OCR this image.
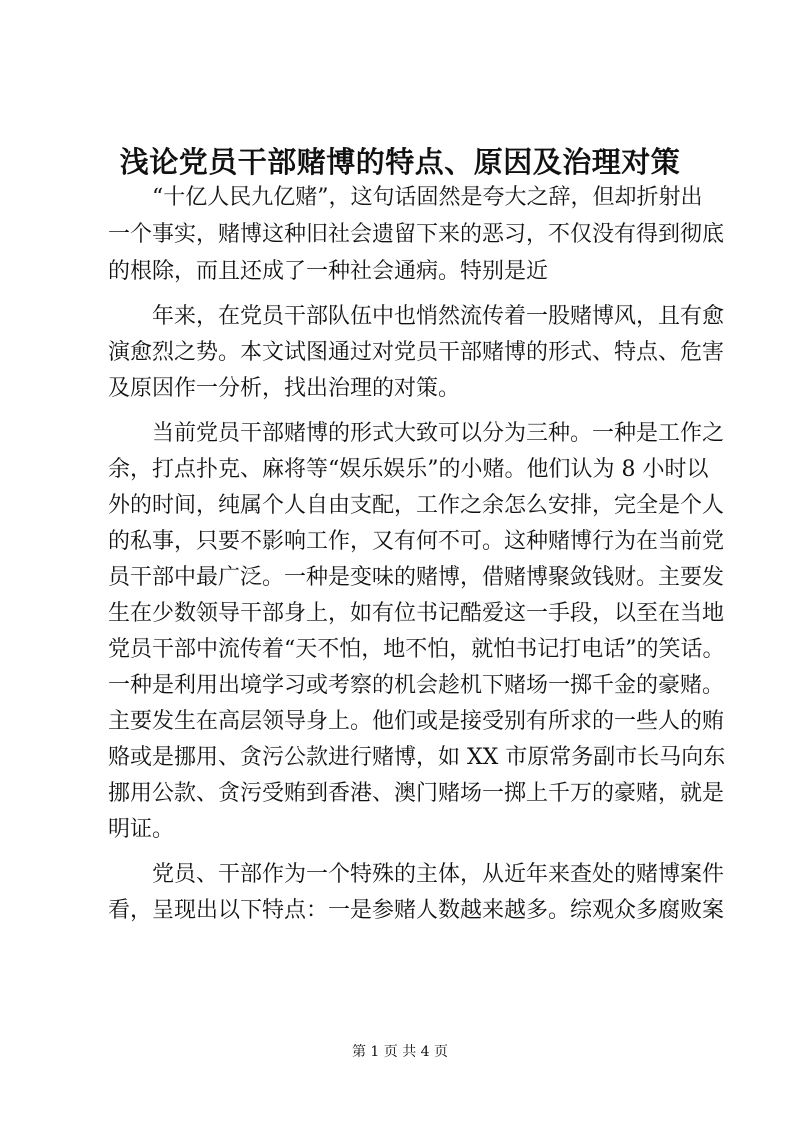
浅论党员干部赌博的特点、原因及治理对策

　　“十亿人民九亿赌”，这句话固然是夸大之辞，但却折射出

一个事实，赌博这种旧社会遗留下来的恶习，不仅没有得到彻底

的根除，而且还成了一种社会通病。特别是近

　　年来，在党员干部队伍中也悄然流传着一股赌博风，且有愈

演愈烈之势。本文试图通过对党员干部赌博的形式、特点、危害

及原因作一分析，找出治理的对策。

　　当前党员干部赌博的形式大致可以分为三种。一种是工作之

余，打点扑克、麻将等“娱乐娱乐”的小赌。他们认为 8 小时以

外的时间，纯属个人自由支配，工作之余怎么安排，完全是个人

的私事，只要不影响工作，又有何不可。这种赌博行为在当前党

员干部中最广泛。一种是变味的赌博，借赌博聚敛钱财。主要发

生在少数领导干部身上，如有位书记酷爱这一手段，以至在当地

党员干部中流传着“天不怕，地不怕，就怕书记打电话”的笑话。

一种是利用出境学习或考察的机会趁机下赌场一掷千金的豪赌。

主要发生在高层领导身上。他们或是接受别有所求的一些人的贿

赂或是挪用、贪污公款进行赌博，如 XX 市原常务副市长马向东

挪用公款、贪污受贿到香港、澳门赌场一掷上千万的豪赌，就是

明证。

　　党员、干部作为一个特殊的主体，从近年来查处的赌博案件

看，呈现出以下特点：一是参赌人数越来越多。综观众多腐败案

第 1 页 共 4 页
